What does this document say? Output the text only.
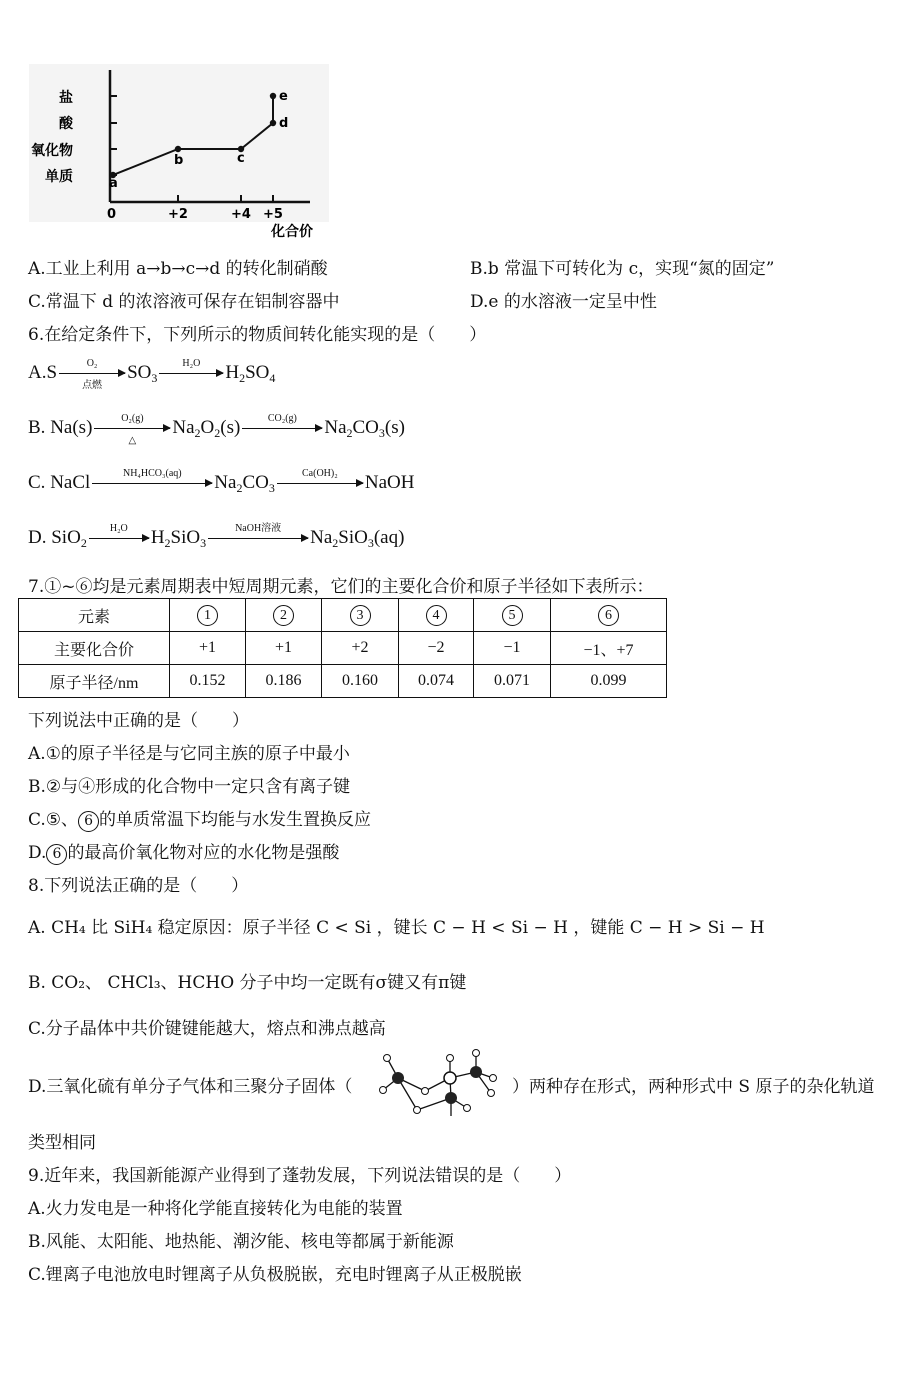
盐
酸
氧化物
单质
0	+2	+4 +5
化合价
a
b	c
d
e
A.工业上利用 a→b→c→d 的转化制硝酸	B.b 常温下可转化为 c，实现“氮的固定”
C.常温下 d 的浓溶液可保存在铝制容器中	D.e 的水溶液一定呈中性
6.在给定条件下，下列所示的物质间转化能实现的是（　　）
A.S	O₂
点燃
$SO_3$
H₂O	$H_2SO_4$
B. Na(s)	O₂(g)
△
$Na_2O_2(s)$	CO₂(g)	$Na_2CO_3(s)$
C. NaCl	NH₄HCO₃(aq)	$Na_2CO_3$
Ca(OH)₂	NaOH
D. SiO$_2$
H₂O	$H_2SiO_3$
NaOH溶液	$Na_2SiO_3(aq)$
7.①~⑥均是元素周期表中短周期元素，它们的主要化合价和原子半径如下表所示：
元素	1	2	3	4	5	6
主要化合价	+1	+1	+2	−2	−1	−1、+7
原子半径/nm	0.152	0.186	0.160	0.074	0.071	0.099
下列说法中正确的是（　　）
A.①的原子半径是与它同主族的原子中最小
B.②与④形成的化合物中一定只含有离子键
C.⑤、 6 的单质常温下均能与水发生置换反应
D. 6 的最高价氧化物对应的水化物是强酸
8.下列说法正确的是（　　）
A. CH₄ 比 SiH₄ 稳定原因：原子半径 C < Si ，键长 C − H < Si − H ，键能 C − H > Si − H
B. CO₂、 CHCl₃、HCHO 分子中均一定既有σ键又有π键
C.分子晶体中共价键键能越大，熔点和沸点越高
D.三氧化硫有单分子气体和三聚分子固体（	）两种存在形式，两种形式中 S 原子的杂化轨道
类型相同
9.近年来，我国新能源产业得到了蓬勃发展，下列说法错误的是（　　）
A.火力发电是一种将化学能直接转化为电能的装置
B.风能、太阳能、地热能、潮汐能、核电等都属于新能源
C.锂离子电池放电时锂离子从负极脱嵌，充电时锂离子从正极脱嵌
